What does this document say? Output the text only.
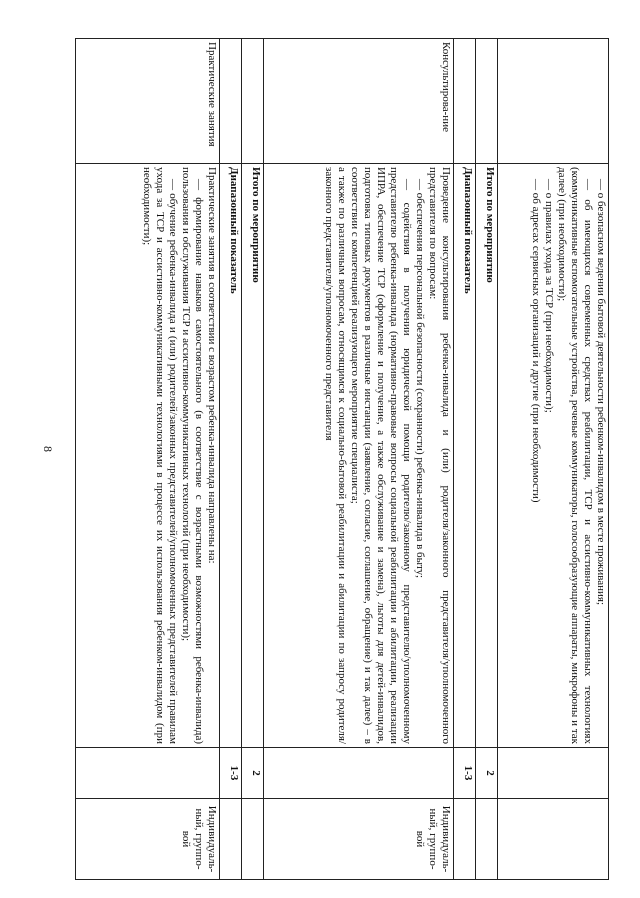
8

	— о безопасном ведении бытовой деятельности ребенком-инвалидом в месте проживания;

— об имеющихся современных средствах реабилитации, ТСР и ассистивно-коммуникативных технологиях (коммуникативные вспомогательные устройства, речевые коммуникаторы, голосообразующие аппараты, микрофоны и так далее) (при необходимости);

— о правилах ухода за ТСР (при необходимости);

— об адресах сервисных организаций и другие (при необходимости)		

	Итого по мероприятию	2	
	Диапазонный показатель	1-3	
Консультирова-ние	Проведение консультирования ребенка-инвалида и (или) родителя/законного представителя/уполномоченного представителя по вопросам:

— обеспечения персональной безопасности (сохранности) ребенка-инвалида в быту;

— содействия в получении юридической помощи родителю/законному представителю/уполномоченному представителю ребенка-инвалида (нормативно-правовые вопросы социальной реабилитации и абилитации, реализации ИПРА, обеспечение ТСР (оформление и получение, а также обслуживание и замена), льготы для детей-инвалидов, подготовка типовых документов в различные инстанции (заявление, согласие, соглашение, обращение) и так далее) – в соответствии с компетенцией реализующего мероприятие специалиста;

а также по различным вопросам, относящимся к социально-бытовой реабилитации и абилитации по запросу родителя/законного представителя/уполномоченного представителя		Индивидуаль-ный, группо-вой
	Итого по мероприятию	2	
	Диапазонный показатель	1-3	
Практические занятия	Практические занятия в соответствии с возрастом ребенка-инвалида направлены на:

— формирование навыков самостоятельного (в соответствие с возрастными возможностями ребенка-инвалида) пользования и обслуживания ТСР и ассистивно-коммуникативных технологий (при необходимости);

— обучение ребенка-инвалида и (или) родителей/законных представителей/уполномоченных представителей правилам ухода за ТСР и ассистивно-коммуникативными технологиями в процессе их использования ребенком-инвалидом (при необходимости);		Индивидуаль-ный, группо-вой
